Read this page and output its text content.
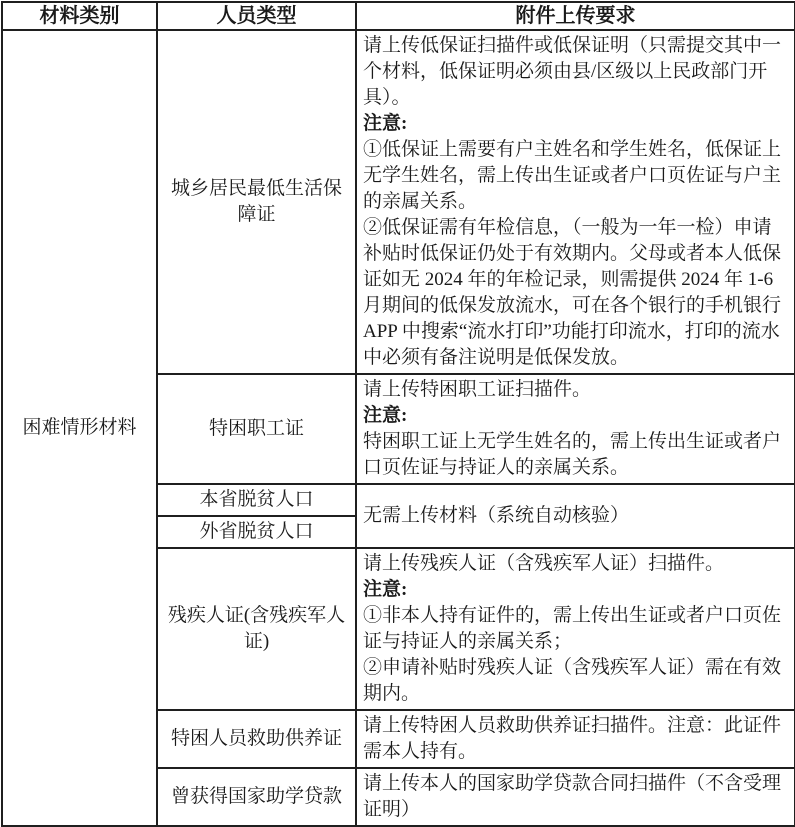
材料类别	人员类型	附件上传要求
困难情形材料	城乡居民最低生活保障证	请上传低保证扫描件或低保证明（只需提交其中一个材料，低保证明必须由县/区级以上民政部门开具）。
注意:
①低保证上需要有户主姓名和学生姓名，低保证上无学生姓名，需上传出生证或者户口页佐证与户主的亲属关系。
②低保证需有年检信息，（一般为一年一检）申请补贴时低保证仍处于有效期内。父母或者本人低保证如无 2024 年的年检记录，则需提供 2024 年 1-6 月期间的低保发放流水，可在各个银行的手机银行 APP 中搜索“流水打印”功能打印流水，打印的流水中必须有备注说明是低保发放。

	特困职工证	请上传特困职工证扫描件。
注意:
特困职工证上无学生姓名的，需上传出生证或者户口页佐证与持证人的亲属关系。

	本省脱贫人口	无需上传材料（系统自动核验）
	外省脱贫人口	
	残疾人证(含残疾军人证)	请上传残疾人证（含残疾军人证）扫描件。
注意:
①非本人持有证件的，需上传出生证或者户口页佐证与持证人的亲属关系；
②申请补贴时残疾人证（含残疾军人证）需在有效期内。

	特困人员救助供养证	请上传特困人员救助供养证扫描件。注意：此证件需本人持有。
	曾获得国家助学贷款	请上传本人的国家助学贷款合同扫描件（不含受理证明）
